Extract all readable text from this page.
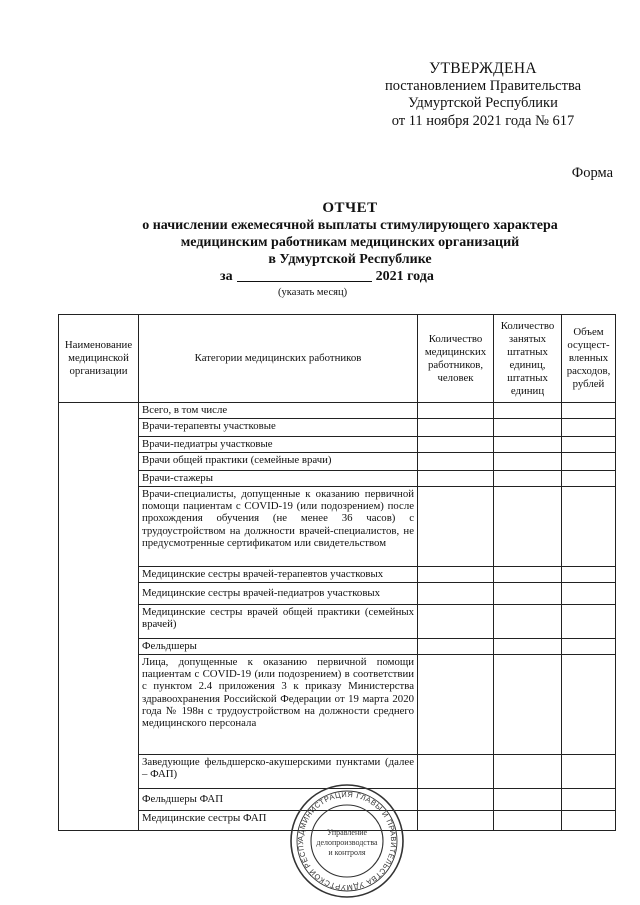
УТВЕРЖДЕНА
постановлением Правительства
Удмуртской Республики
от 11 ноября 2021 года № 617
Форма
ОТЧЕТ
о начислении ежемесячной выплаты стимулирующего характера
медицинским работникам медицинских организаций
в Удмуртской Республике
за	2021 года
(указать месяц)
Наименование медицинской организации	Категории медицинских работников	Количество медицинских работников, человек	Количество занятых штатных единиц, штатных единиц	Объем осущест-вленных расходов, рублей
	Всего, в том числе			
	Врачи-терапевты участковые			
	Врачи-педиатры участковые			
	Врачи общей практики (семейные врачи)			
	Врачи-стажеры			
	Врачи-специалисты, допущенные к оказанию первичной помощи пациентам с COVID-19 (или подозрением) после прохождения обучения (не менее 36 часов) с трудоустройством на должности врачей-специалистов, не предусмотренные сертификатом или свидетельством			
	Медицинские сестры врачей-терапевтов участковых			
	Медицинские сестры врачей-педиатров участковых			
	Медицинские сестры врачей общей практики (семейных врачей)			
	Фельдшеры			
	Лица, допущенные к оказанию первичной помощи пациентам с COVID-19 (или подозрением) в соответствии с пунктом 2.4 приложения 3 к приказу Министерства здравоохранения Российской Федерации от 19 марта 2020 года № 198н с трудоустройством на должности среднего медицинского персонала			
	Заведующие фельдшерско-акушерскими пунктами (далее – ФАП)			
	Фельдшеры ФАП			
	Медицинские сестры ФАП			
АДМИНИСТРАЦИЯ ГЛАВЫ И ПРАВИТЕЛЬСТВА УДМУРТСКОЙ РЕСПУ
Управление
делопроизводства
и контроля
